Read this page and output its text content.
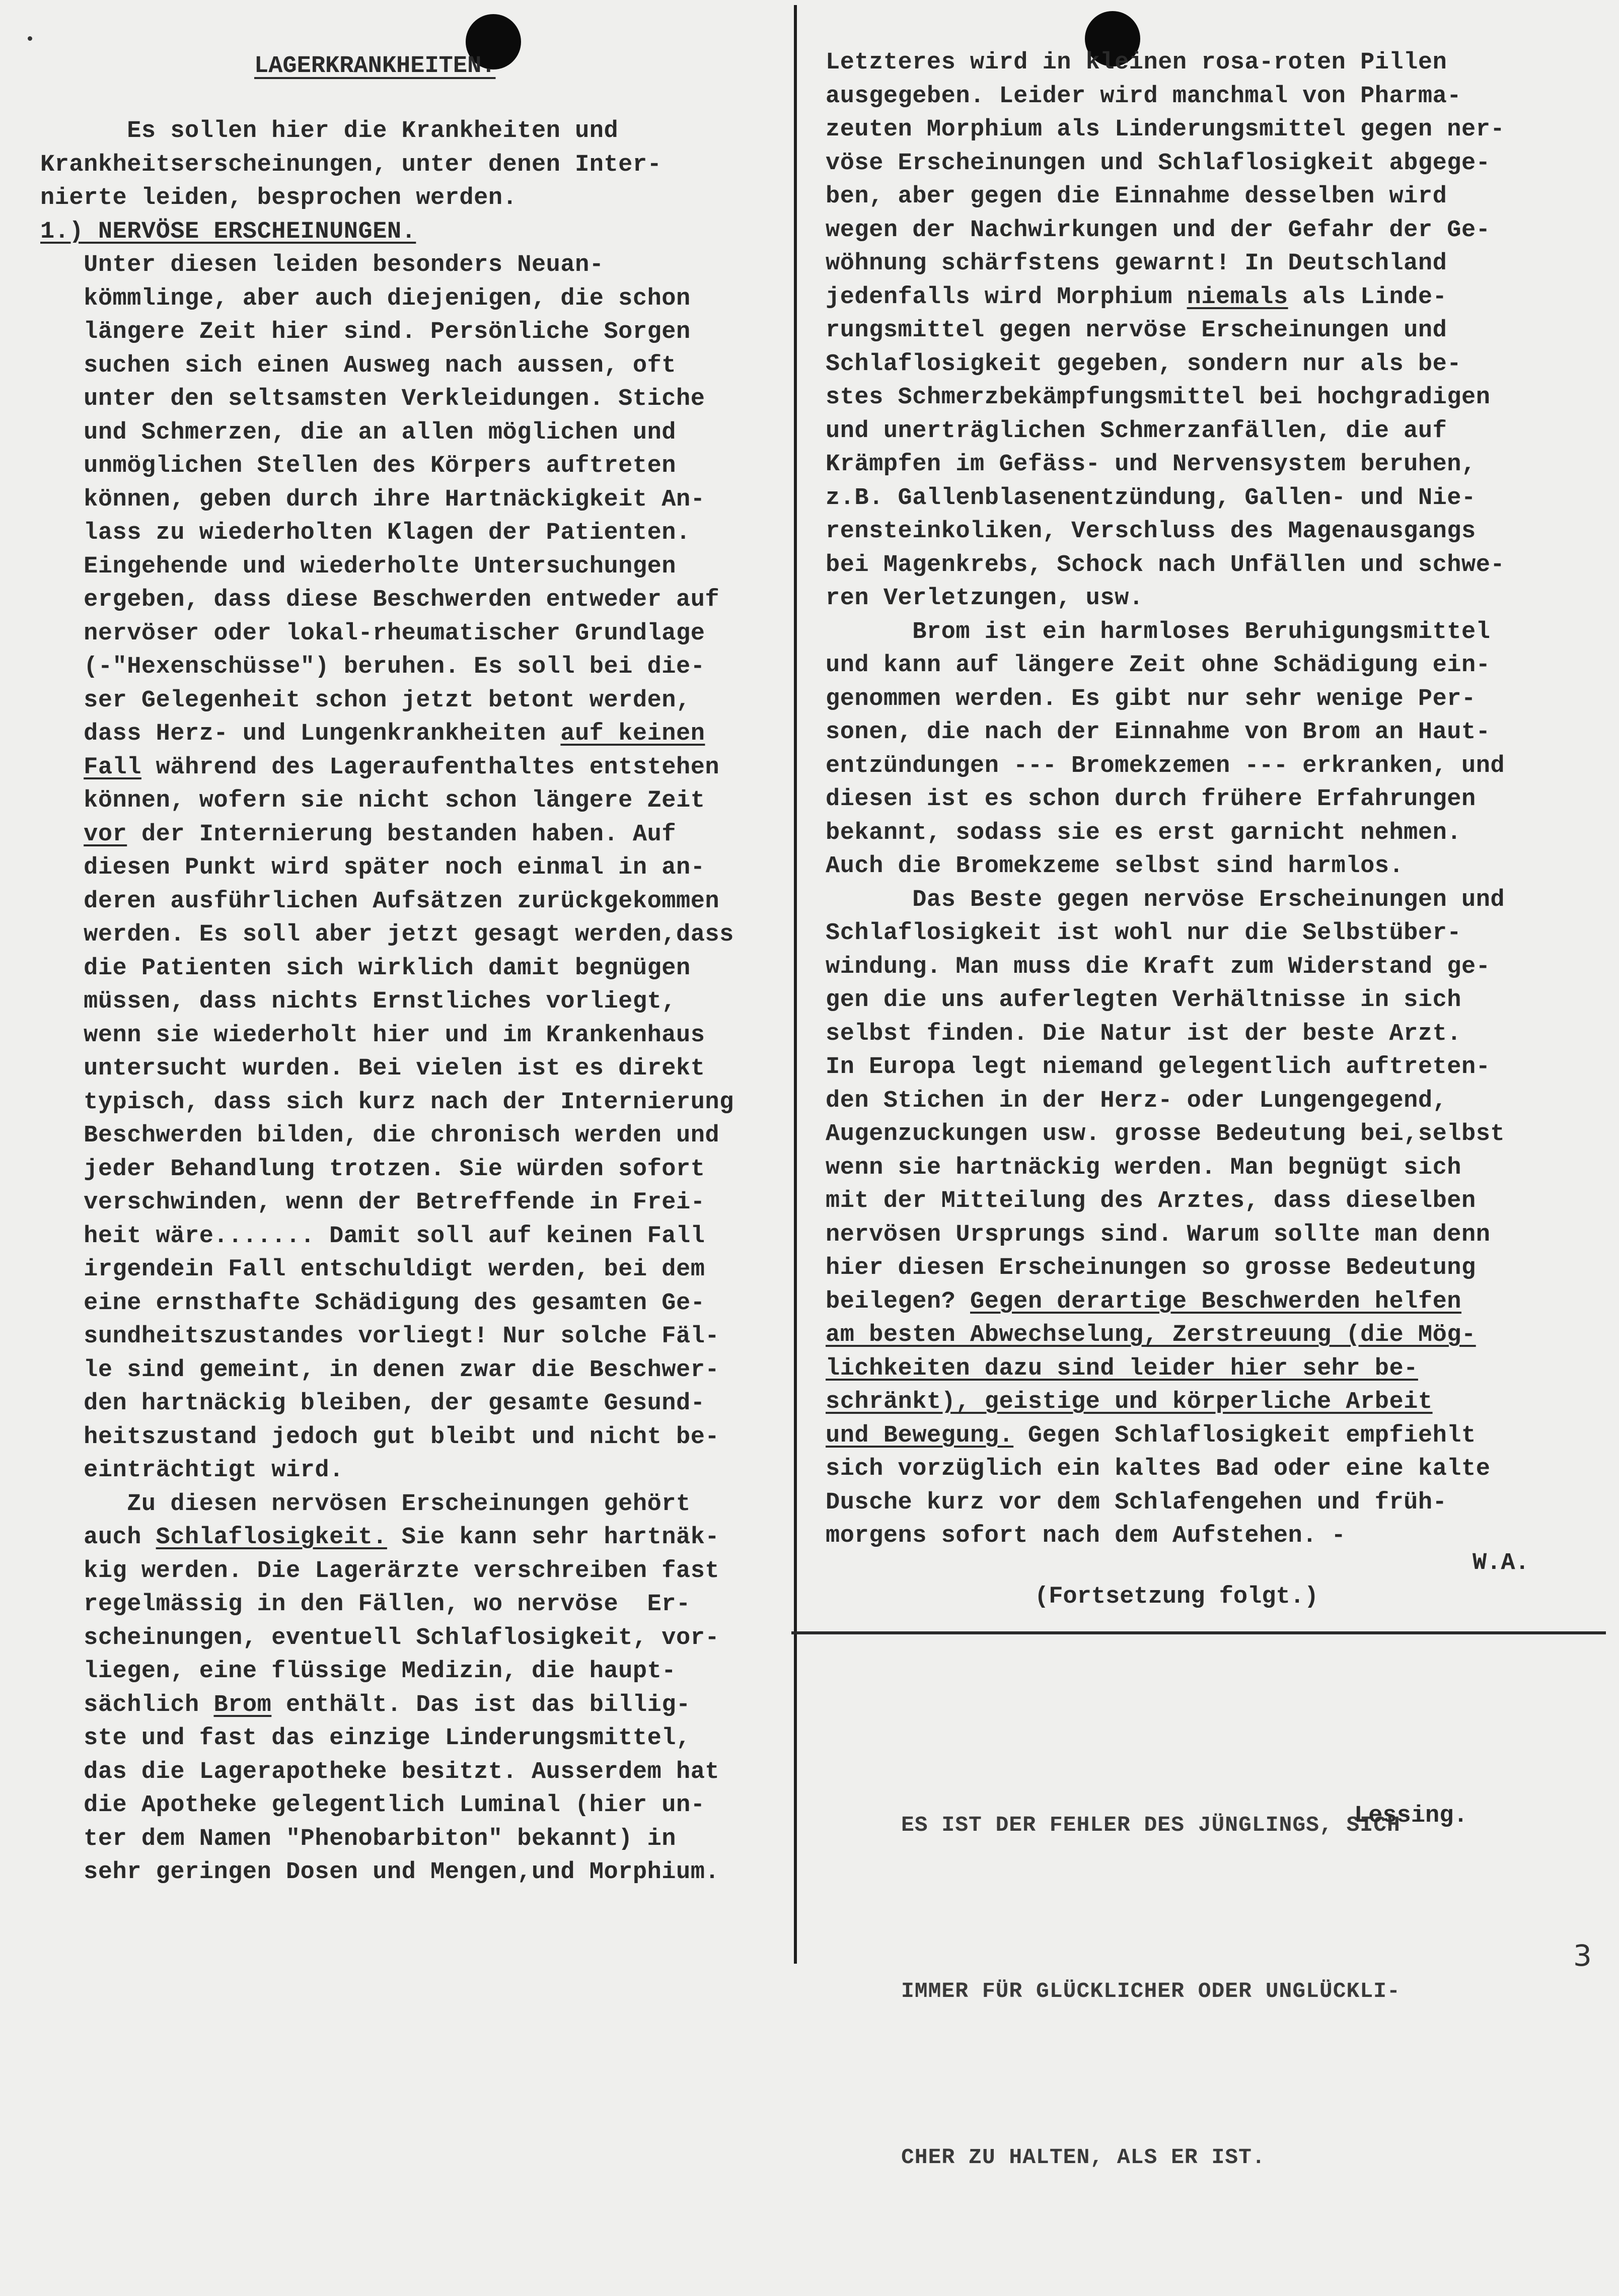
LAGERKRANKHEITEN.
Es sollen hier die Krankheiten und
Krankheitserscheinungen, unter denen Inter-
nierte leiden, besprochen werden.
1.) NERVÖSE ERSCHEINUNGEN.
Unter diesen leiden besonders Neuan-
kömmlinge, aber auch diejenigen, die schon
längere Zeit hier sind. Persönliche Sorgen
suchen sich einen Ausweg nach aussen, oft
unter den seltsamsten Verkleidungen. Stiche
und Schmerzen, die an allen möglichen und
unmöglichen Stellen des Körpers auftreten
können, geben durch ihre Hartnäckigkeit An-
lass zu wiederholten Klagen der Patienten.
Eingehende und wiederholte Untersuchungen
ergeben, dass diese Beschwerden entweder auf
nervöser oder lokal-rheumatischer Grundlage
(-"Hexenschüsse") beruhen. Es soll bei die-
ser Gelegenheit schon jetzt betont werden,
dass Herz- und Lungenkrankheiten auf keinen
Fall während des Lageraufenthaltes entstehen
können, wofern sie nicht schon längere Zeit
vor der Internierung bestanden haben. Auf
diesen Punkt wird später noch einmal in an-
deren ausführlichen Aufsätzen zurückgekommen
werden. Es soll aber jetzt gesagt werden,dass
die Patienten sich wirklich damit begnügen
müssen, dass nichts Ernstliches vorliegt,
wenn sie wiederholt hier und im Krankenhaus
untersucht wurden. Bei vielen ist es direkt
typisch, dass sich kurz nach der Internierung
Beschwerden bilden, die chronisch werden und
jeder Behandlung trotzen. Sie würden sofort
verschwinden, wenn der Betreffende in Frei-
heit wäre....... Damit soll auf keinen Fall
irgendein Fall entschuldigt werden, bei dem
eine ernsthafte Schädigung des gesamten Ge-
sundheitszustandes vorliegt! Nur solche Fäl-
le sind gemeint, in denen zwar die Beschwer-
den hartnäckig bleiben, der gesamte Gesund-
heitszustand jedoch gut bleibt und nicht be-
einträchtigt wird.
Zu diesen nervösen Erscheinungen gehört
auch Schlaflosigkeit. Sie kann sehr hartnäk-
kig werden. Die Lagerärzte verschreiben fast
regelmässig in den Fällen, wo nervöse  Er-
scheinungen, eventuell Schlaflosigkeit, vor-
liegen, eine flüssige Medizin, die haupt-
sächlich Brom enthält. Das ist das billig-
ste und fast das einzige Linderungsmittel,
das die Lagerapotheke besitzt. Ausserdem hat
die Apotheke gelegentlich Luminal (hier un-
ter dem Namen "Phenobarbiton" bekannt) in
sehr geringen Dosen und Mengen,und Morphium.
Letzteres wird in kleinen rosa-roten Pillen
ausgegeben. Leider wird manchmal von Pharma-
zeuten Morphium als Linderungsmittel gegen ner-
vöse Erscheinungen und Schlaflosigkeit abgege-
ben, aber gegen die Einnahme desselben wird
wegen der Nachwirkungen und der Gefahr der Ge-
wöhnung schärfstens gewarnt! In Deutschland
jedenfalls wird Morphium niemals als Linde-
rungsmittel gegen nervöse Erscheinungen und
Schlaflosigkeit gegeben, sondern nur als be-
stes Schmerzbekämpfungsmittel bei hochgradigen
und unerträglichen Schmerzanfällen, die auf
Krämpfen im Gefäss- und Nervensystem beruhen,
z.B. Gallenblasenentzündung, Gallen- und Nie-
rensteinkoliken, Verschluss des Magenausgangs
bei Magenkrebs, Schock nach Unfällen und schwe-
ren Verletzungen, usw.
Brom ist ein harmloses Beruhigungsmittel
und kann auf längere Zeit ohne Schädigung ein-
genommen werden. Es gibt nur sehr wenige Per-
sonen, die nach der Einnahme von Brom an Haut-
entzündungen --- Bromekzemen --- erkranken, und
diesen ist es schon durch frühere Erfahrungen
bekannt, sodass sie es erst garnicht nehmen.
Auch die Bromekzeme selbst sind harmlos.
Das Beste gegen nervöse Erscheinungen und
Schlaflosigkeit ist wohl nur die Selbstüber-
windung. Man muss die Kraft zum Widerstand ge-
gen die uns auferlegten Verhältnisse in sich
selbst finden. Die Natur ist der beste Arzt.
In Europa legt niemand gelegentlich auftreten-
den Stichen in der Herz- oder Lungengegend,
Augenzuckungen usw. grosse Bedeutung bei,selbst
wenn sie hartnäckig werden. Man begnügt sich
mit der Mitteilung des Arztes, dass dieselben
nervösen Ursprungs sind. Warum sollte man denn
hier diesen Erscheinungen so grosse Bedeutung
beilegen? Gegen derartige Beschwerden helfen
am besten Abwechselung, Zerstreuung (die Mög-
lichkeiten dazu sind leider hier sehr be-
schränkt), geistige und körperliche Arbeit
und Bewegung. Gegen Schlaflosigkeit empfiehlt
sich vorzüglich ein kaltes Bad oder eine kalte
Dusche kurz vor dem Schlafengehen und früh-
morgens sofort nach dem Aufstehen. -
W.A.
(Fortsetzung folgt.)

ES IST DER FEHLER DES JÜNGLINGS, SICH

IMMER FÜR GLÜCKLICHER ODER UNGLÜCKLI-

CHER ZU HALTEN, ALS ER IST.

Lessing.
3
